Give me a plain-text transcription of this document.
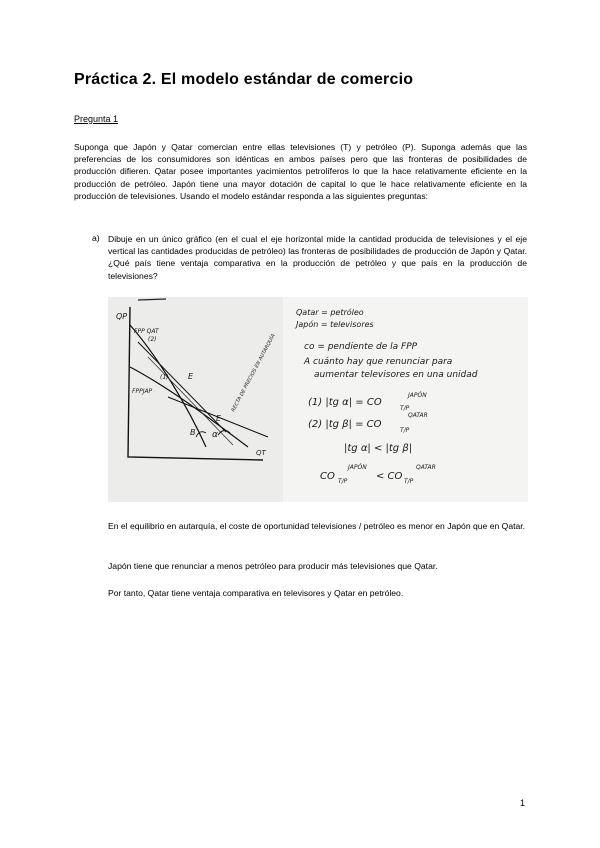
Práctica 2. El modelo estándar de comercio
Pregunta 1
Suponga que Japón y Qatar comercian entre ellas televisiones (T) y petróleo (P). Suponga además que las preferencias de los consumidores son idénticas en ambos países pero que las fronteras de posibilidades de producción difieren. Qatar posee importantes yacimientos petrolíferos lo que la hace relativamente eficiente en la producción de petróleo. Japón tiene una mayor dotación de capital lo que le hace relativamente eficiente en la producción de televisiones. Usando el modelo estándar responda a las siguientes preguntas:
a) Dibuje en un único gráfico (en el cual el eje horizontal mide la cantidad producida de televisiones y el eje vertical las cantidades producidas de petróleo) las fronteras de posibilidades de producción de Japón y Qatar. ¿Qué país tiene ventaja comparativa en la producción de petróleo y que país en la producción de televisiones?
QP
QT
FPP QAT
(2)
FPPJAP
(1) E
E
B α
RECTA DE PRECIOS EN AUTARQUÍA
Qatar = petróleo
Japón = televisores
co = pendiente de la FPP
A cuánto hay que renunciar para
aumentar televisores en una unidad
(1) |tg α| = CO
T/P
JAPÓN
(2) |tg β| = CO
T/P
QATAR
|tg α| < |tg β|
CO T/P
JAPÓN
< CO T/P
QATAR
En el equilibrio en autarquía, el coste de oportunidad televisiones / petróleo es menor en Japón que en Qatar.
Japón tiene que renunciar a menos petróleo para producir más televisiones que Qatar.
Por tanto, Qatar tiene ventaja comparativa en televisores y Qatar en petróleo.
1
